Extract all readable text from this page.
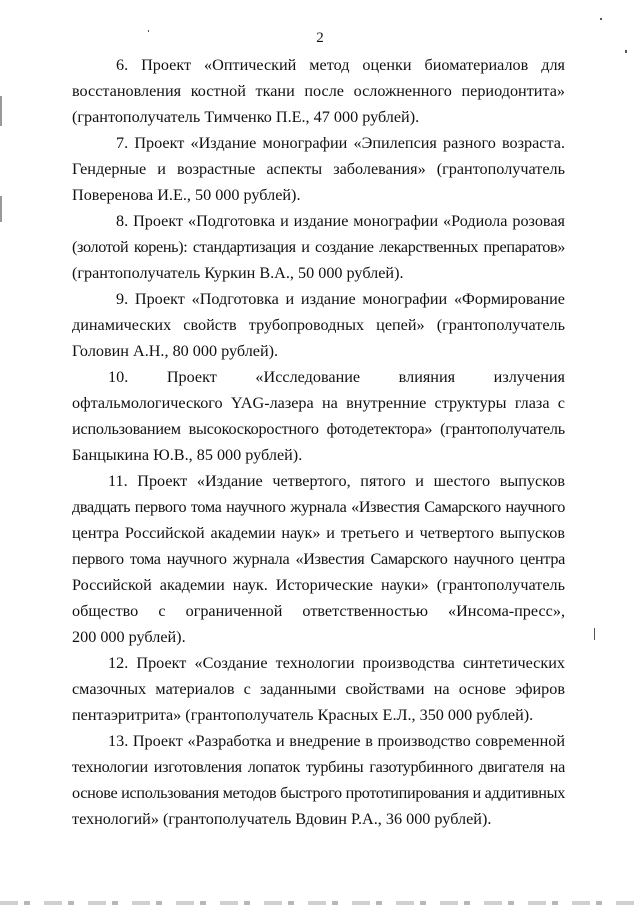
2

6. Проект «Оптический метод оценки биоматериалов для
восстановления костной ткани после осложненного периодонтита»
(грантополучатель Тимченко П.Е., 47 000 рублей).

7. Проект «Издание монографии «Эпилепсия разного возраста.
Гендерные и возрастные аспекты заболевания» (грантополучатель
Поверенова И.Е., 50 000 рублей).

8. Проект «Подготовка и издание монографии «Родиола розовая
(золотой корень): стандартизация и создание лекарственных препаратов»
(грантополучатель Куркин В.А., 50 000 рублей).

9. Проект «Подготовка и издание монографии «Формирование
динамических свойств трубопроводных цепей» (грантополучатель
Головин А.Н., 80 000 рублей).

10. Проект «Исследование влияния излучения
офтальмологического YAG-лазера на внутренние структуры глаза с
использованием высокоскоростного фотодетектора» (грантополучатель
Банцыкина Ю.В., 85 000 рублей).

11. Проект «Издание четвертого, пятого и шестого выпусков
двадцать первого тома научного журнала «Известия Самарского научного
центра Российской академии наук» и третьего и четвертого выпусков
первого тома научного журнала «Известия Самарского научного центра
Российской академии наук. Исторические науки» (грантополучатель
общество с ограниченной ответственностью «Инсома-пресс»,
200 000 рублей).

12. Проект «Создание технологии производства синтетических
смазочных материалов с заданными свойствами на основе эфиров
пентаэритрита» (грантополучатель Красных Е.Л., 350 000 рублей).

13. Проект «Разработка и внедрение в производство современной
технологии изготовления лопаток турбины газотурбинного двигателя на
основе использования методов быстрого прототипирования и аддитивных
технологий» (грантополучатель Вдовин Р.А., 36 000 рублей).
